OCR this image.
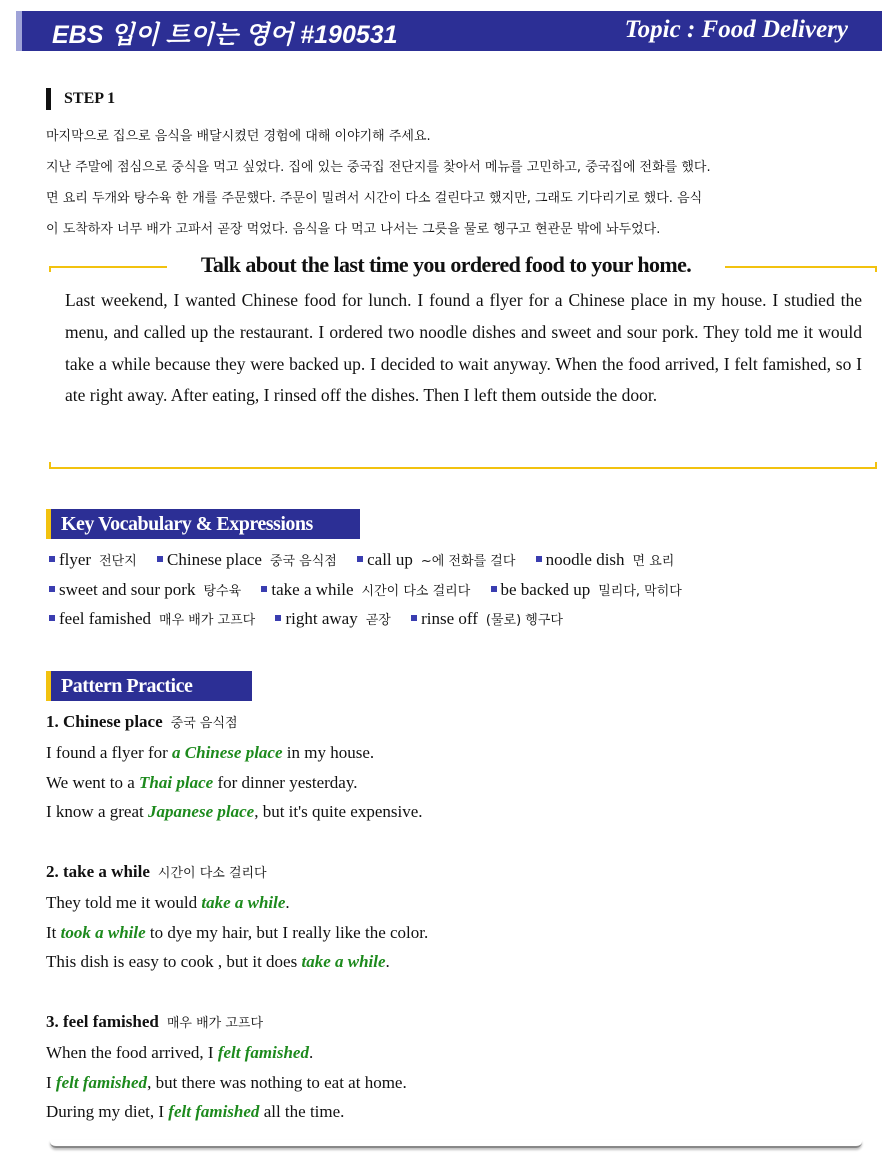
EBS 입이 트이는 영어 #190531	Topic : Food Delivery
STEP 1
마지막으로 집으로 음식을 배달시켰던 경험에 대해 이야기해 주세요.
지난 주말에 점심으로 중식을 먹고 싶었다. 집에 있는 중국집 전단지를 찾아서 메뉴를 고민하고, 중국집에 전화를 했다.
면 요리 두개와 탕수육 한 개를 주문했다. 주문이 밀려서 시간이 다소 걸린다고 했지만, 그래도 기다리기로 했다. 음식
이 도착하자 너무 배가 고파서 곧장 먹었다. 음식을 다 먹고 나서는 그릇을 물로 헹구고 현관문 밖에 놔두었다.
Talk about the last time you ordered food to your home.
Last weekend, I wanted Chinese food for lunch. I found a flyer for a Chinese place in my house. I studied the menu, and called up the restaurant. I ordered two noodle dishes and sweet and sour pork. They told me it would take a while because they were backed up. I decided to wait anyway. When the food arrived, I felt famished, so I ate right away. After eating, I rinsed off the dishes. Then I left them outside the door.
Key Vocabulary & Expressions
flyer 전단지 Chinese place 중국 음식점 call up ~에 전화를 걸다 noodle dish 면 요리
sweet and sour pork 탕수육 take a while 시간이 다소 걸리다 be backed up 밀리다, 막히다
feel famished 매우 배가 고프다 right away 곧장 rinse off (물로) 헹구다
Pattern Practice
1. Chinese place 중국 음식점
I found a flyer for a Chinese place in my house.
We went to a Thai place for dinner yesterday.
I know a great Japanese place, but it's quite expensive.
2. take a while 시간이 다소 걸리다
They told me it would take a while.
It took a while to dye my hair, but I really like the color.
This dish is easy to cook , but it does take a while.
3. feel famished 매우 배가 고프다
When the food arrived, I felt famished.
I felt famished, but there was nothing to eat at home.
During my diet, I felt famished all the time.
